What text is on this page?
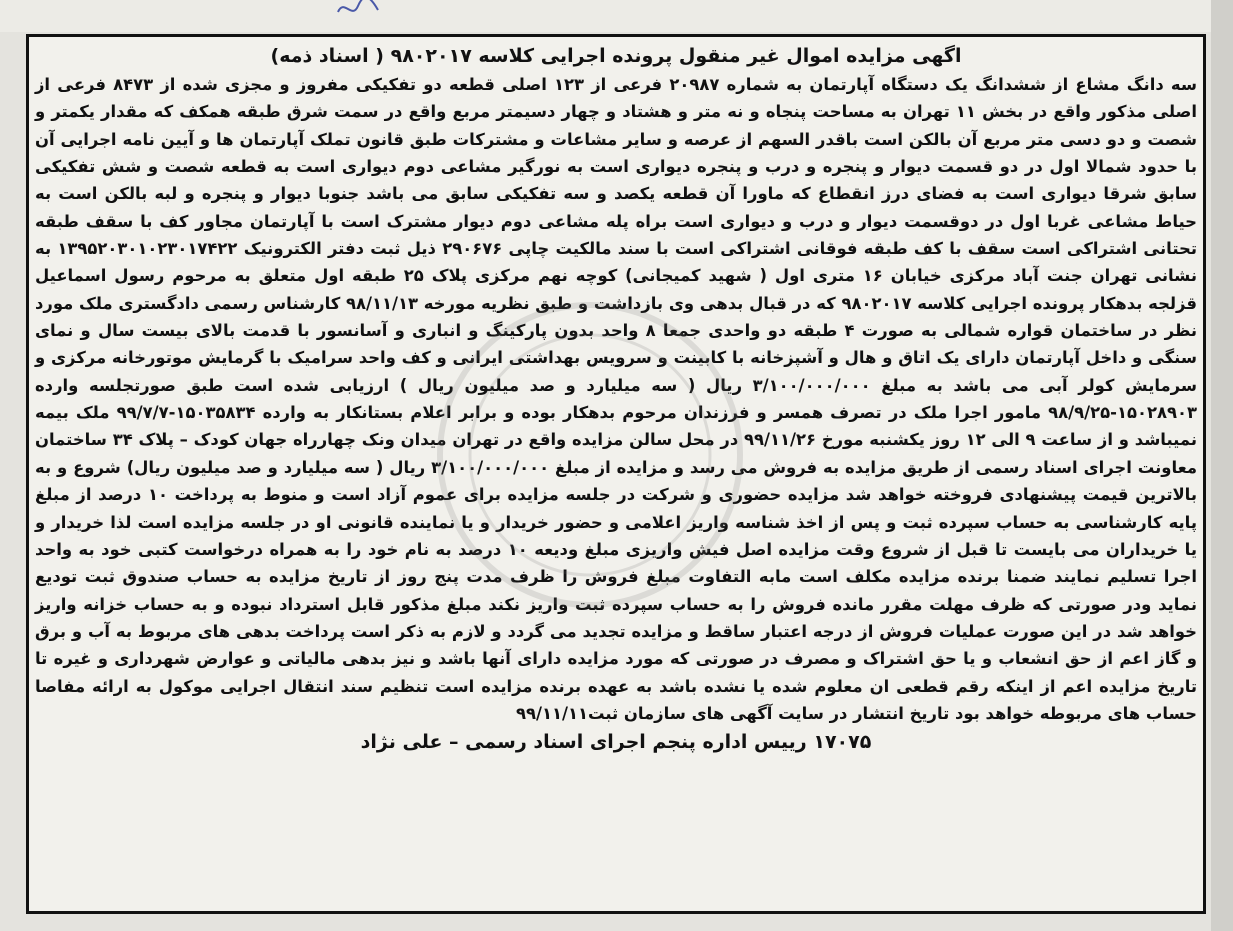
اگهی مزایده اموال غیر منقول پرونده اجرایی کلاسه ۹۸۰۲۰۱۷ ( اسناد ذمه)

سه دانگ مشاع از ششدانگ یک دستگاه آپارتمان به شماره ۲۰۹۸۷ فرعی از ۱۲۳ اصلی قطعه دو تفکیکی مفروز و مجزی شده از ۸۴۷۳ فرعی از اصلی مذکور واقع در بخش ۱۱ تهران به مساحت پنجاه و نه متر و هشتاد و چهار دسیمتر مربع واقع در سمت شرق طبقه همکف که مقدار یکمتر و شصت و دو دسی متر مربع آن بالکن است باقدر السهم از عرصه و سایر مشاعات و مشترکات طبق قانون تملک آپارتمان ها و آیین نامه اجرایی آن با حدود شمالا اول در دو قسمت دیوار و پنجره و درب و پنجره دیواری است به نورگیر مشاعی دوم دیواری است به قطعه شصت و شش تفکیکی سابق شرقا دیواری است به فضای درز انقطاع که ماورا آن قطعه یکصد و سه تفکیکی سابق می باشد جنوبا دیوار و پنجره و لبه بالکن است به حیاط مشاعی غربا اول در دوقسمت دیوار و درب و دیواری است براه پله مشاعی دوم دیوار مشترک است با آپارتمان مجاور کف با سقف طبقه تحتانی اشتراکی است سقف با کف طبقه فوقانی اشتراکی است با سند مالکیت چاپی ۲۹۰۶۷۶ ذیل ثبت دفتر الکترونیک ۱۳۹۵۲۰۳۰۱۰۲۳۰۱۷۴۲۲ به نشانی تهران جنت آباد مرکزی خیابان ۱۶ متری اول ( شهید کمیجانی) کوچه نهم مرکزی پلاک ۲۵ طبقه اول متعلق به مرحوم رسول اسماعیل قزلجه بدهکار پرونده اجرایی کلاسه ۹۸۰۲۰۱۷ که در قبال بدهی وی بازداشت و طبق نظریه مورخه ۹۸/۱۱/۱۳ کارشناس رسمی دادگستری ملک مورد نظر در ساختمان قواره شمالی به صورت ۴ طبقه دو واحدی جمعا ۸ واحد بدون پارکینگ و انباری و آسانسور با قدمت بالای بیست سال و نمای سنگی و داخل آپارتمان دارای یک اتاق و هال و آشپزخانه با کابینت و سرویس بهداشتی ایرانی و کف واحد سرامیک با گرمایش موتورخانه مرکزی و سرمایش کولر آبی می باشد به مبلغ ۳/۱۰۰/۰۰۰/۰۰۰ ریال ( سه میلیارد و صد میلیون ریال ) ارزیابی شده است طبق صورتجلسه وارده ۱۵۰۲۸۹۰۳-۹۸/۹/۲۵ مامور اجرا ملک در تصرف همسر و فرزندان مرحوم بدهکار بوده و برابر اعلام بستانکار به وارده ۱۵۰۳۵۸۳۴-۹۹/۷/۷ ملک بیمه نمیباشد و از ساعت ۹ الی ۱۲ روز یکشنبه مورخ ۹۹/۱۱/۲۶ در محل سالن مزایده واقع در تهران میدان ونک چهارراه جهان کودک – پلاک ۳۴ ساختمان معاونت اجرای اسناد رسمی از طریق مزایده به فروش می رسد و مزایده از مبلغ ۳/۱۰۰/۰۰۰/۰۰۰ ریال ( سه میلیارد و صد میلیون ریال) شروع و به بالاترین قیمت پیشنهادی فروخته خواهد شد مزایده حضوری و شرکت در جلسه مزایده برای عموم آزاد است و منوط به پرداخت ۱۰ درصد از مبلغ پایه کارشناسی به حساب سپرده ثبت و پس از اخذ شناسه واریز اعلامی و حضور خریدار و یا نماینده قانونی او در جلسه مزایده است لذا خریدار و یا خریداران می بایست تا قبل از شروع وقت مزایده اصل فیش واریزی مبلغ ودیعه ۱۰ درصد به نام خود را به همراه درخواست کتبی خود به واحد اجرا تسلیم نمایند ضمنا برنده مزایده مکلف است مابه التفاوت مبلغ فروش را ظرف مدت پنج روز از تاریخ مزایده به حساب صندوق ثبت تودیع نماید ودر صورتی که ظرف مهلت مقرر مانده فروش را به حساب سپرده ثبت واریز نکند مبلغ مذکور قابل استرداد نبوده و به حساب خزانه واریز خواهد شد در این صورت عملیات فروش از درجه اعتبار ساقط و مزایده تجدید می گردد و لازم به ذکر است پرداخت بدهی های مربوط به آب و برق و گاز اعم از حق انشعاب و یا حق اشتراک و مصرف در صورتی که مورد مزایده دارای آنها باشد و نیز بدهی مالیاتی و عوارض شهرداری و غیره تا تاریخ مزایده اعم از اینکه رقم قطعی ان معلوم شده یا نشده باشد به عهده برنده مزایده است تنظیم سند انتقال اجرایی موکول به ارائه مفاصا حساب های مربوطه خواهد بود تاریخ انتشار در سایت آگهی های سازمان ثبت۹۹/۱۱/۱۱

۱۷۰۷۵ رییس اداره پنجم اجرای اسناد رسمی – علی نژاد
